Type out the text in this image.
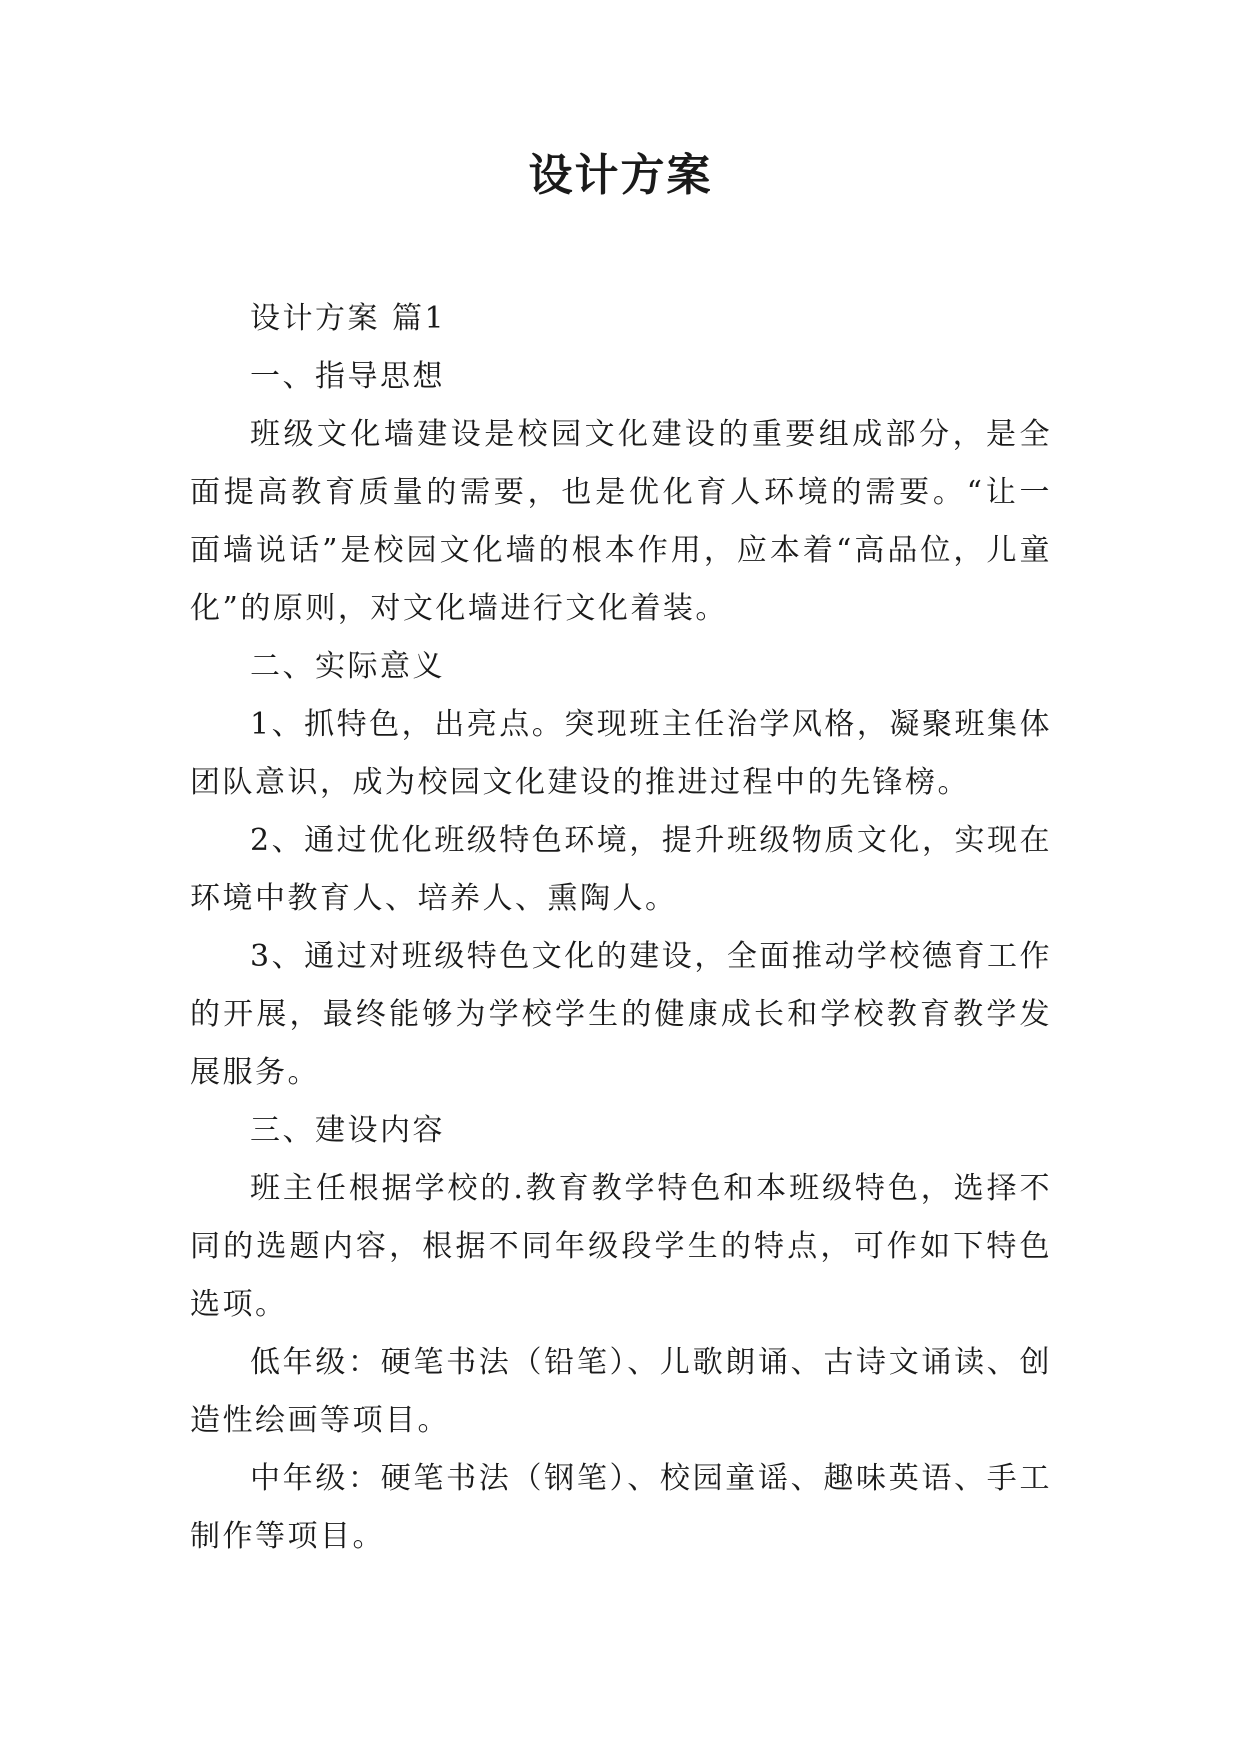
设计方案

设计方案 篇1

一、指导思想

班级文化墙建设是校园文化建设的重要组成部分，是全面提高教育质量的需要，也是优化育人环境的需要。“让一面墙说话”是校园文化墙的根本作用，应本着“高品位，儿童化”的原则，对文化墙进行文化着装。

二、实际意义

1、抓特色，出亮点。突现班主任治学风格，凝聚班集体团队意识，成为校园文化建设的推进过程中的先锋榜。

2、通过优化班级特色环境，提升班级物质文化，实现在环境中教育人、培养人、熏陶人。

3、通过对班级特色文化的建设，全面推动学校德育工作的开展，最终能够为学校学生的健康成长和学校教育教学发展服务。

三、建设内容

班主任根据学校的.教育教学特色和本班级特色，选择不同的选题内容，根据不同年级段学生的特点，可作如下特色选项。

低年级：硬笔书法（铅笔）、儿歌朗诵、古诗文诵读、创造性绘画等项目。

中年级：硬笔书法（钢笔）、校园童谣、趣味英语、手工制作等项目。
